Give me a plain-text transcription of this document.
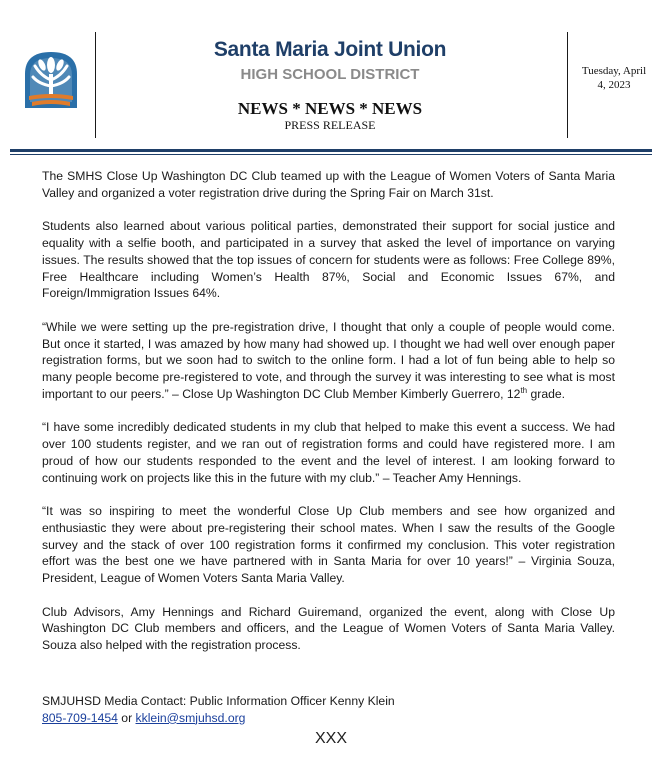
Santa Maria Joint Union
HIGH SCHOOL DISTRICT
NEWS * NEWS * NEWS
PRESS RELEASE
Tuesday, April 4, 2023

The SMHS Close Up Washington DC Club teamed up with the League of Women Voters of Santa Maria Valley and organized a voter registration drive during the Spring Fair on March 31st.

Students also learned about various political parties, demonstrated their support for social justice and equality with a selfie booth, and participated in a survey that asked the level of importance on varying issues. The results showed that the top issues of concern for students were as follows: Free College 89%, Free Healthcare including Women’s Health 87%, Social and Economic Issues 67%, and Foreign/Immigration Issues 64%.

“While we were setting up the pre-registration drive, I thought that only a couple of people would come. But once it started, I was amazed by how many had showed up. I thought we had well over enough paper registration forms, but we soon had to switch to the online form. I had a lot of fun being able to help so many people become pre-registered to vote, and through the survey it was interesting to see what is most important to our peers.” – Close Up Washington DC Club Member Kimberly Guerrero, 12th grade.

“I have some incredibly dedicated students in my club that helped to make this event a success. We had over 100 students register, and we ran out of registration forms and could have registered more. I am proud of how our students responded to the event and the level of interest. I am looking forward to continuing work on projects like this in the future with my club.” – Teacher Amy Hennings.

“It was so inspiring to meet the wonderful Close Up Club members and see how organized and enthusiastic they were about pre-registering their school mates. When I saw the results of the Google survey and the stack of over 100 registration forms it confirmed my conclusion. This voter registration effort was the best one we have partnered with in Santa Maria for over 10 years!” – Virginia Souza, President, League of Women Voters Santa Maria Valley.

Club Advisors, Amy Hennings and Richard Guiremand, organized the event, along with Close Up Washington DC Club members and officers, and the League of Women Voters of Santa Maria Valley. Souza also helped with the registration process.

SMJUHSD Media Contact: Public Information Officer Kenny Klein
805-709-1454 or kklein@smjuhsd.org
XXX
